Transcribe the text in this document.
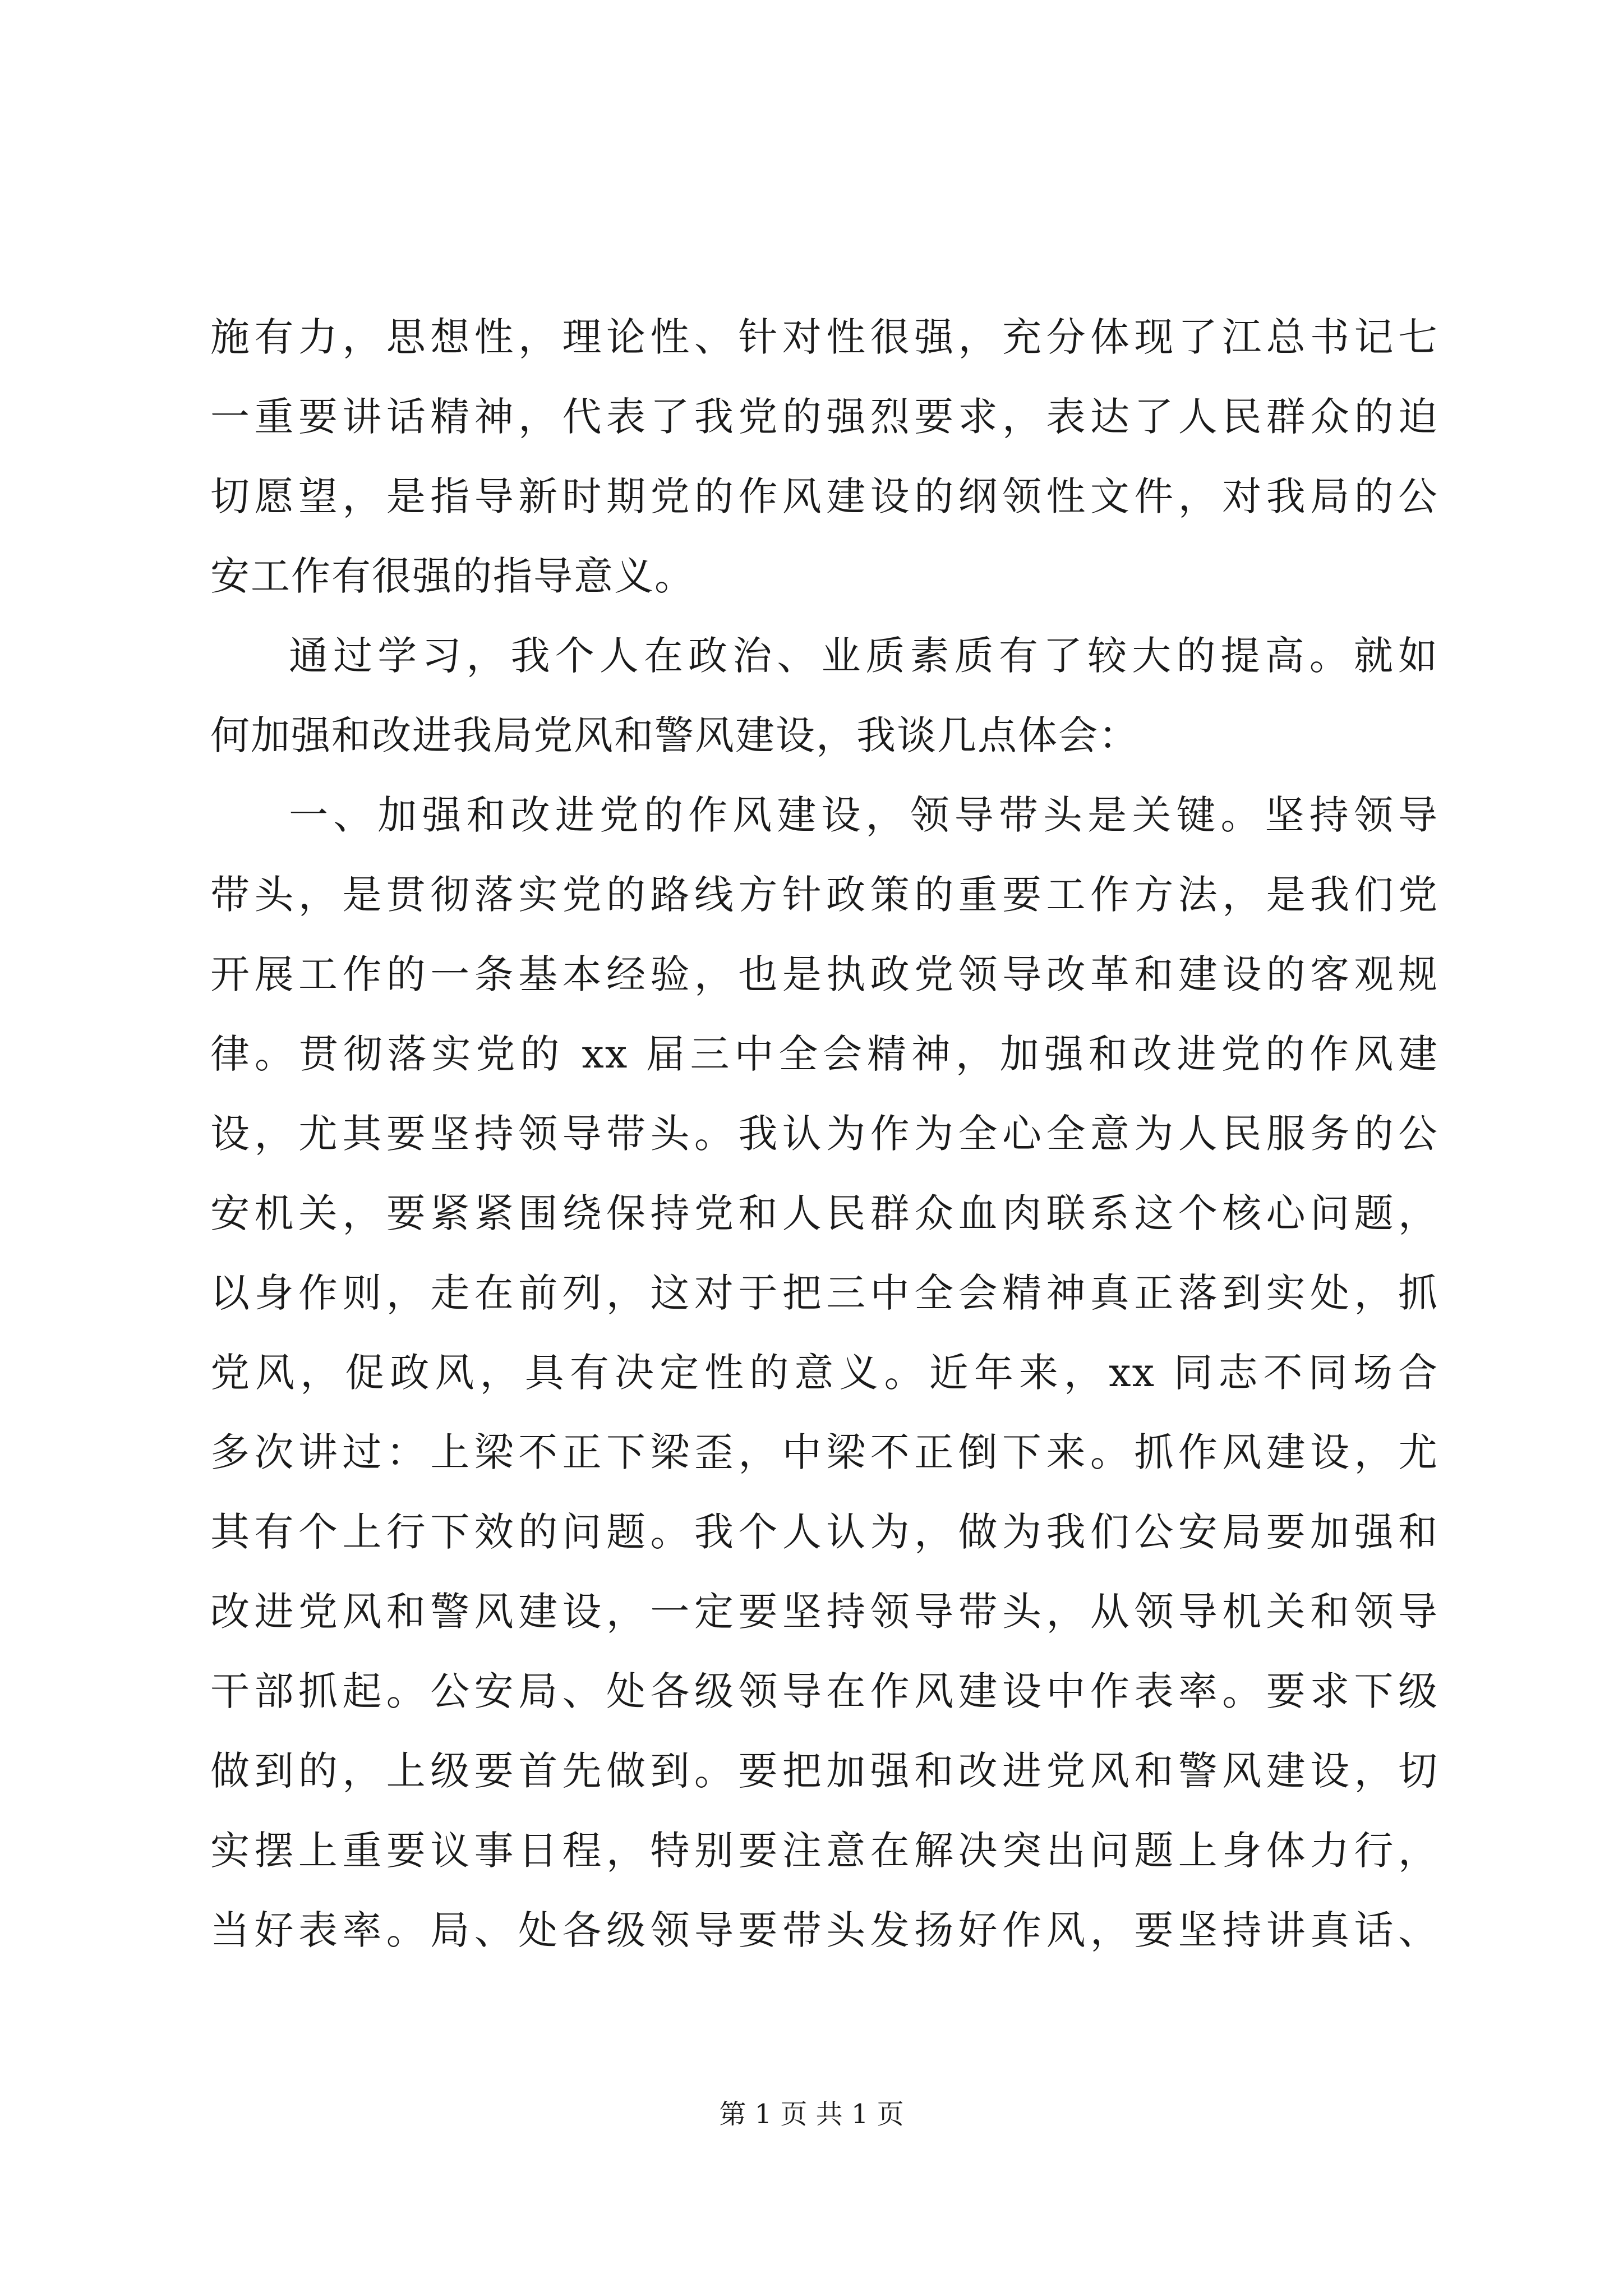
施有力，思想性，理论性、针对性很强，充分体现了江总书记七
一重要讲话精神，代表了我党的强烈要求，表达了人民群众的迫
切愿望，是指导新时期党的作风建设的纲领性文件，对我局的公
安工作有很强的指导意义。
通过学习，我个人在政治、业质素质有了较大的提高。就如
何加强和改进我局党风和警风建设，我谈几点体会：
一、加强和改进党的作风建设，领导带头是关键。坚持领导
带头，是贯彻落实党的路线方针政策的重要工作方法，是我们党
开展工作的一条基本经验，也是执政党领导改革和建设的客观规
律。贯彻落实党的 xx 届三中全会精神，加强和改进党的作风建
设，尤其要坚持领导带头。我认为作为全心全意为人民服务的公
安机关，要紧紧围绕保持党和人民群众血肉联系这个核心问题，
以身作则，走在前列，这对于把三中全会精神真正落到实处，抓
党风，促政风，具有决定性的意义。近年来，xx 同志不同场合
多次讲过：上梁不正下梁歪，中梁不正倒下来。抓作风建设，尤
其有个上行下效的问题。我个人认为，做为我们公安局要加强和
改进党风和警风建设，一定要坚持领导带头，从领导机关和领导
干部抓起。公安局、处各级领导在作风建设中作表率。要求下级
做到的，上级要首先做到。要把加强和改进党风和警风建设，切
实摆上重要议事日程，特别要注意在解决突出问题上身体力行，
当好表率。局、处各级领导要带头发扬好作风，要坚持讲真话、
第 1 页 共 1 页
